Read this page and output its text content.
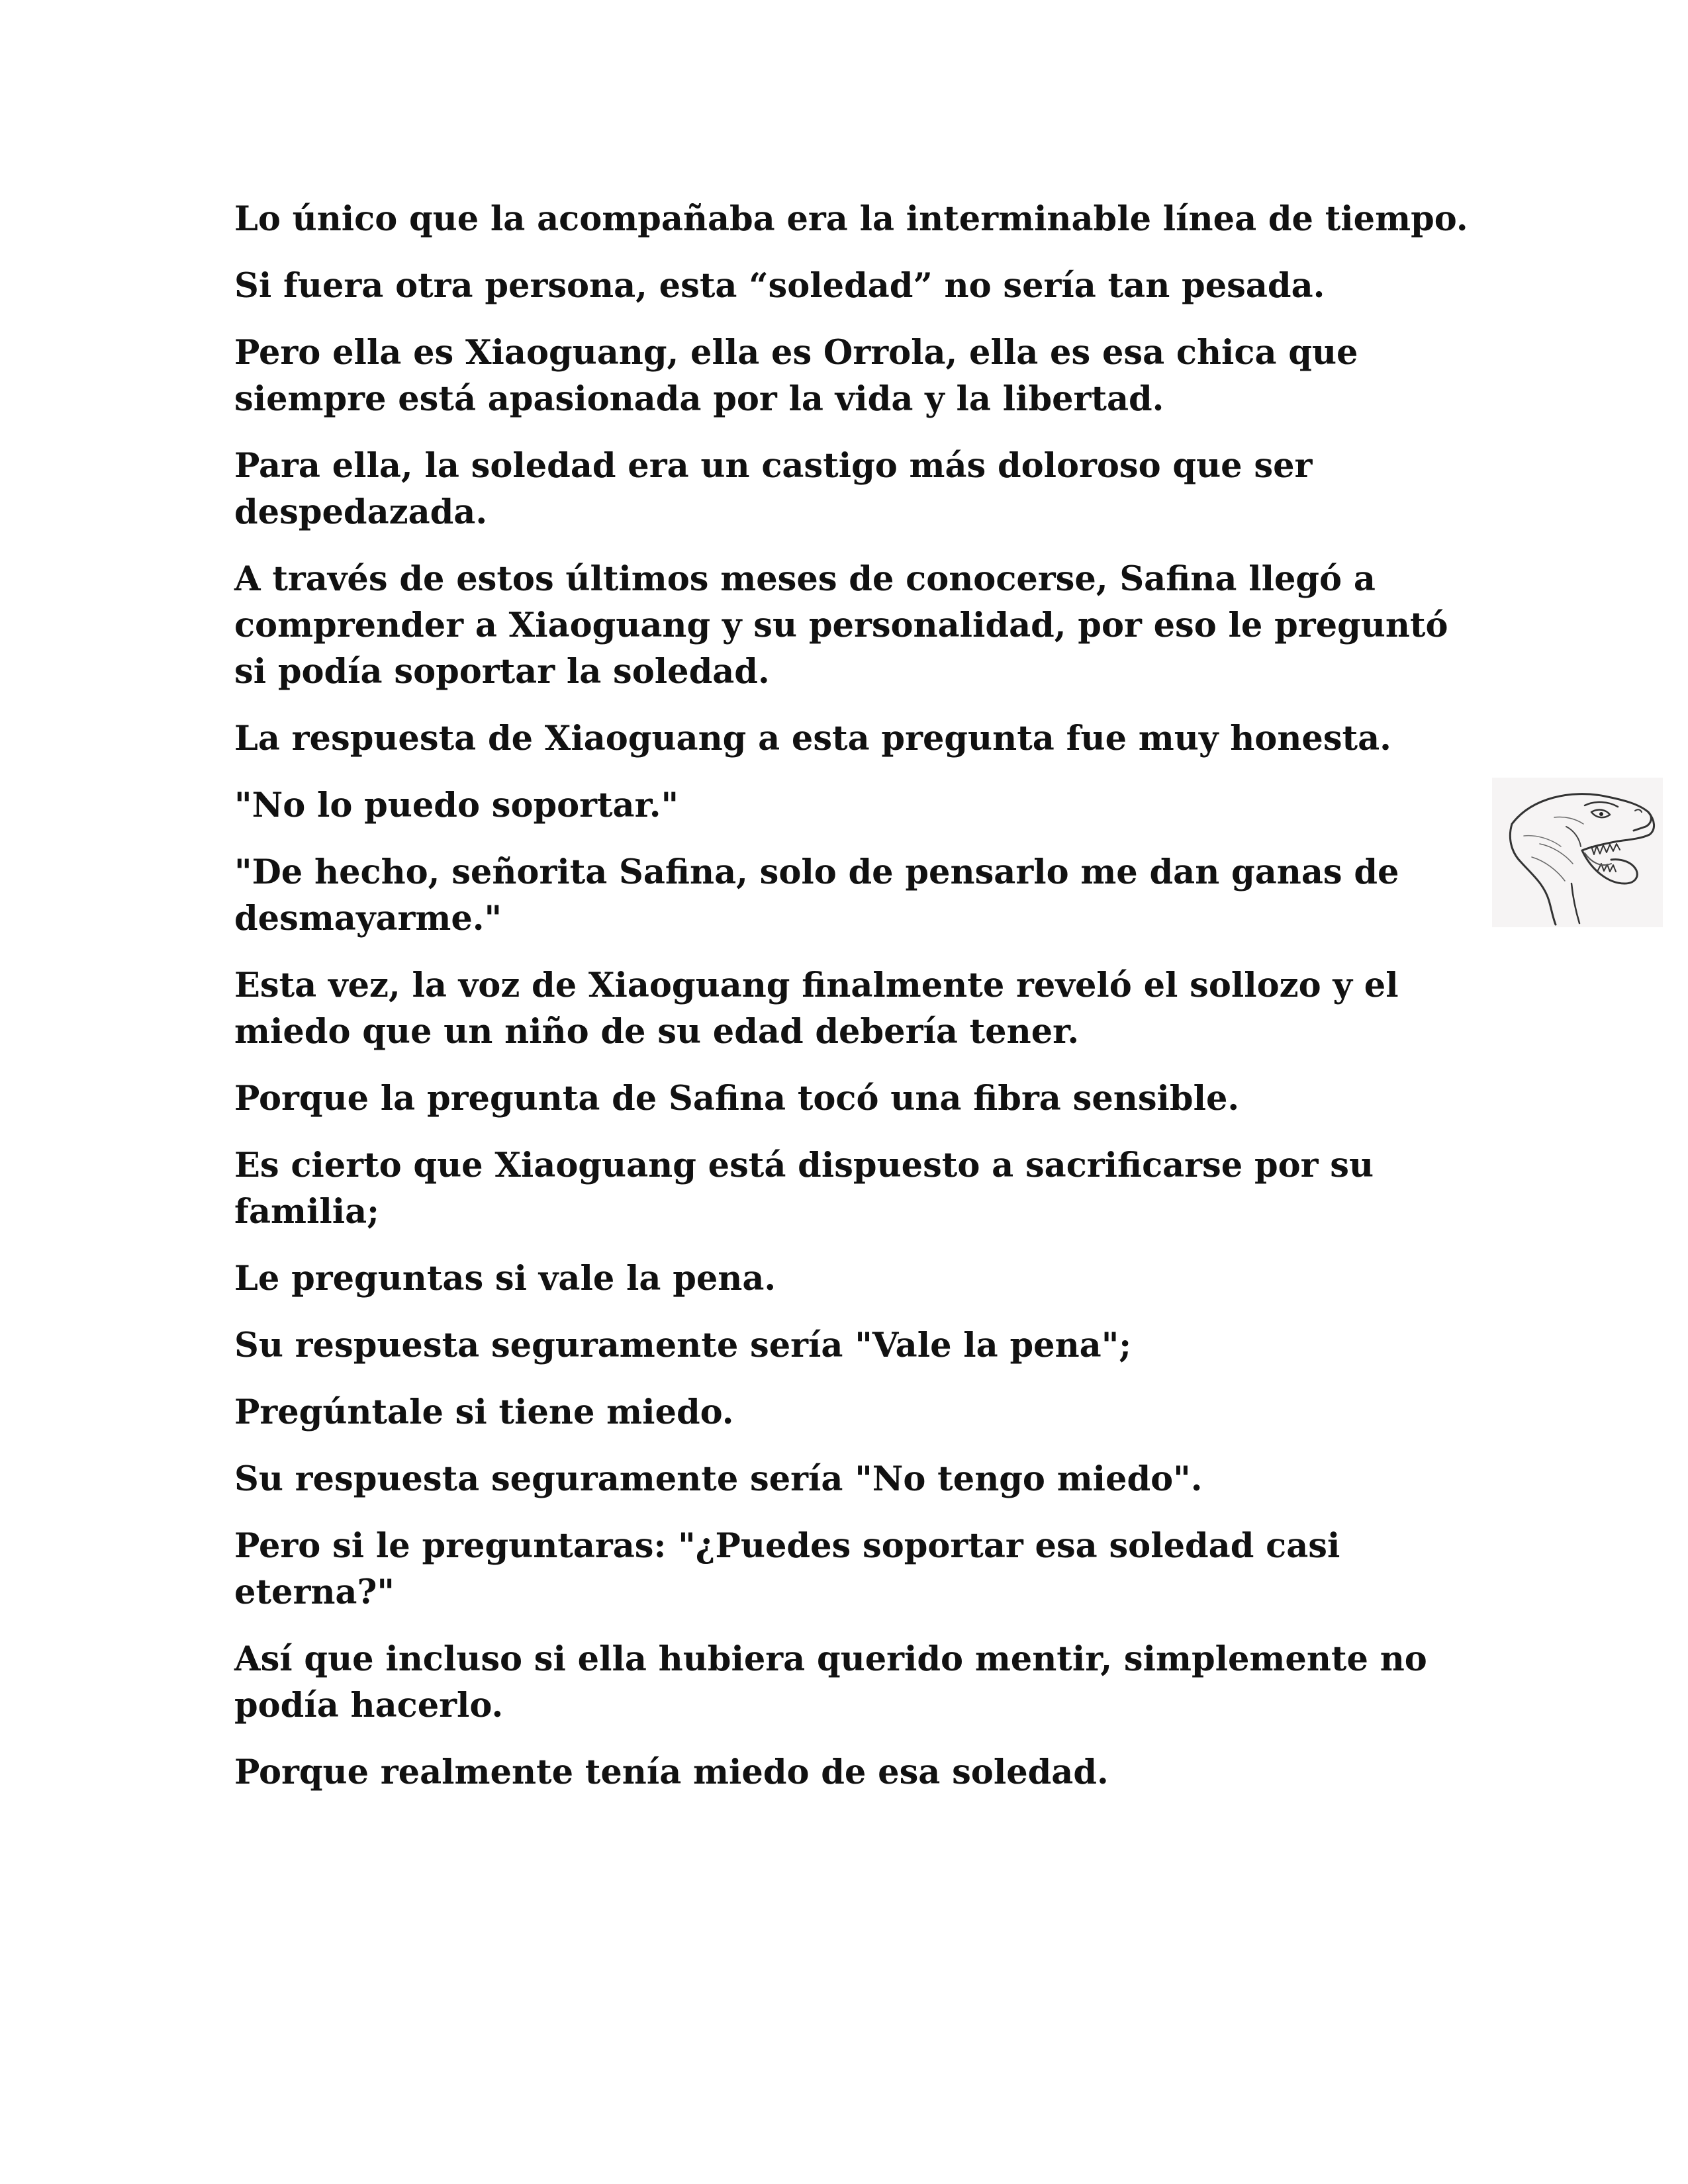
Lo único que la acompañaba era la interminable línea de tiempo.

Si fuera otra persona, esta “soledad” no sería tan pesada.

Pero ella es Xiaoguang, ella es Orrola, ella es esa chica que siempre está apasionada por la vida y la libertad.

Para ella, la soledad era un castigo más doloroso que ser despedazada.

A través de estos últimos meses de conocerse, Safina llegó a comprender a Xiaoguang y su personalidad, por eso le preguntó si podía soportar la soledad.

La respuesta de Xiaoguang a esta pregunta fue muy honesta.

"No lo puedo soportar."

"De hecho, señorita Safina, solo de pensarlo me dan ganas de desmayarme."

Esta vez, la voz de Xiaoguang finalmente reveló el sollozo y el miedo que un niño de su edad debería tener.

Porque la pregunta de Safina tocó una fibra sensible.

Es cierto que Xiaoguang está dispuesto a sacrificarse por su familia;

Le preguntas si vale la pena.

Su respuesta seguramente sería "Vale la pena";

Pregúntale si tiene miedo.

Su respuesta seguramente sería "No tengo miedo".

Pero si le preguntaras: "¿Puedes soportar esa soledad casi eterna?"

Así que incluso si ella hubiera querido mentir, simplemente no podía hacerlo.

Porque realmente tenía miedo de esa soledad.
